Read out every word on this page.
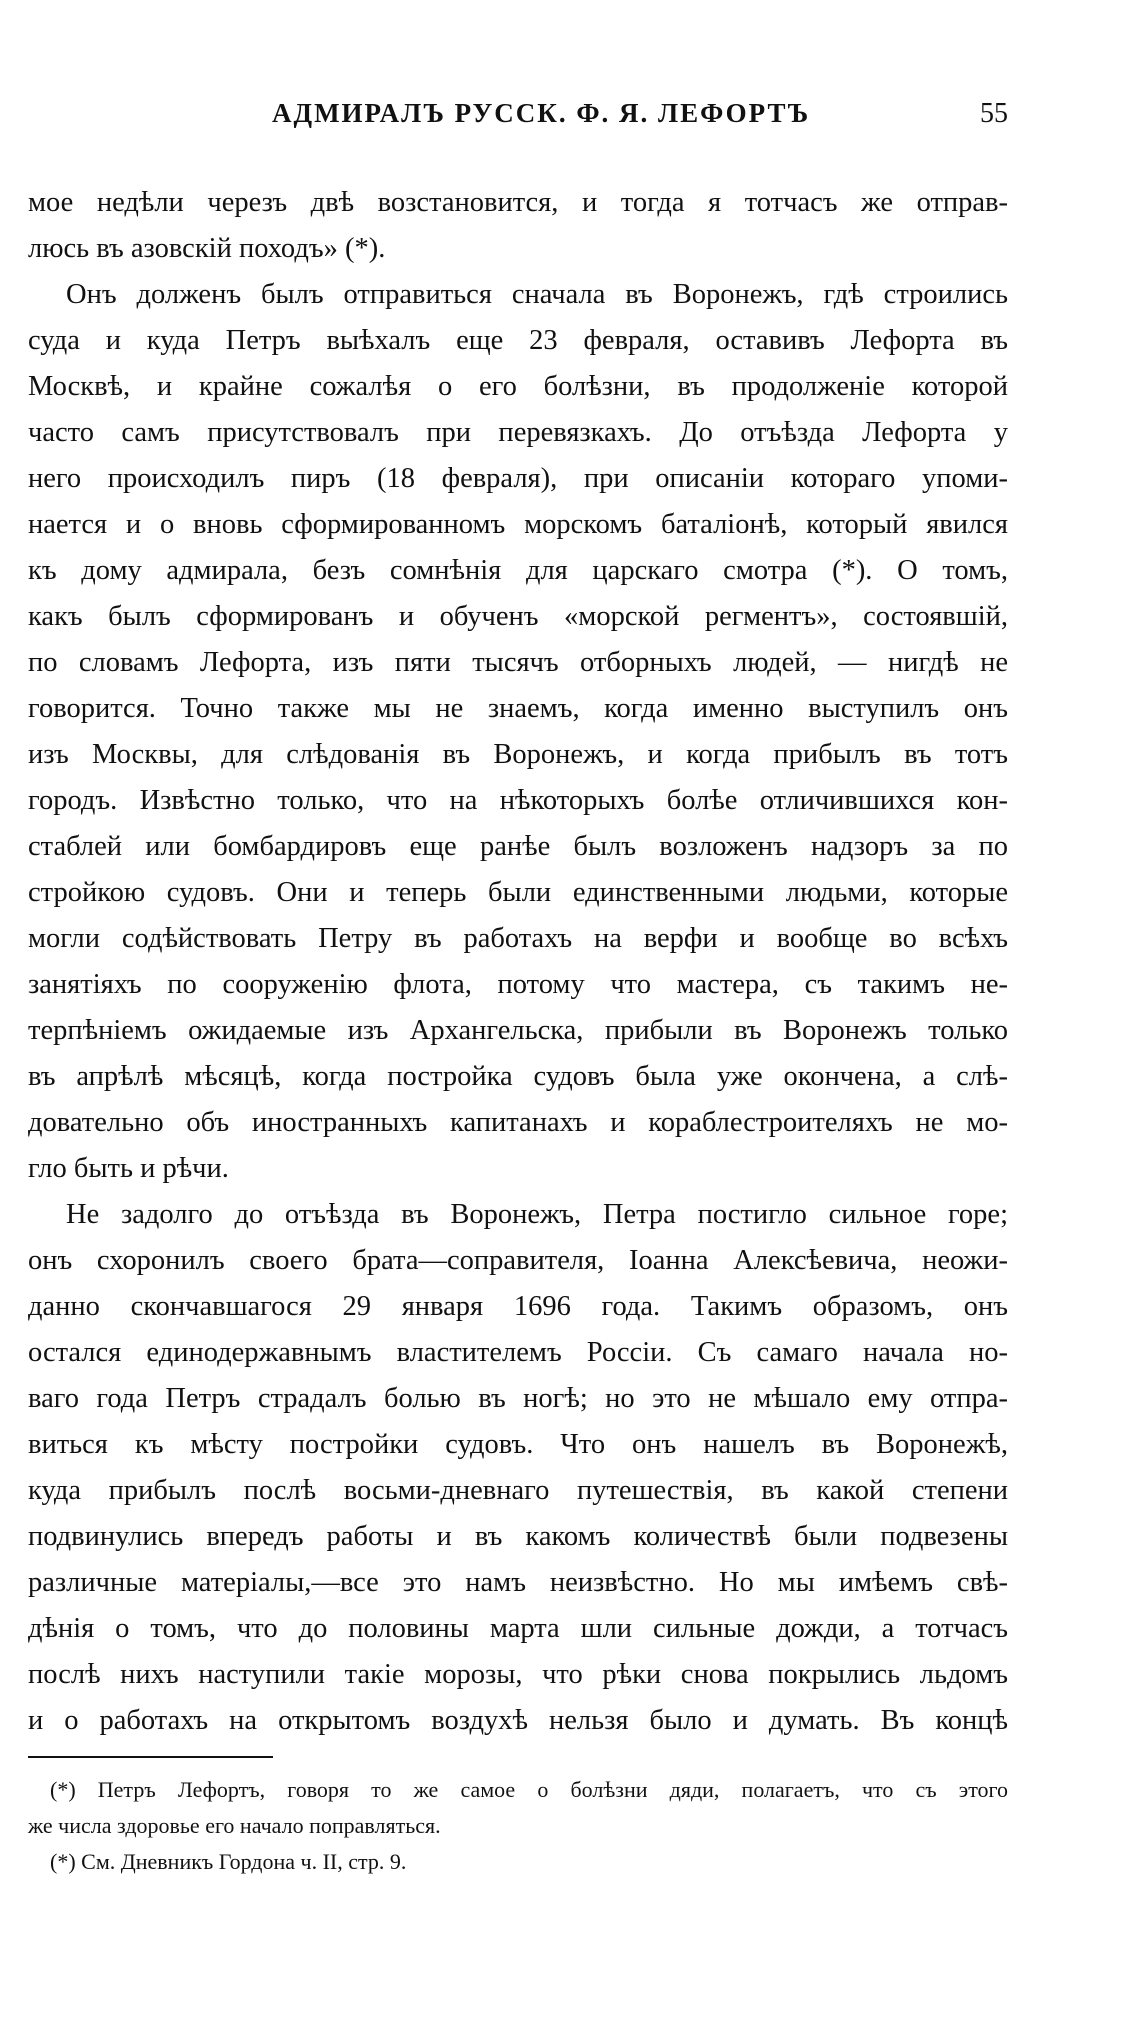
АДМИРАЛЪ РУССК. Ф. Я. ЛЕФОРТЪ	55
мое недѣли черезъ двѣ возстановится, и тогда я тотчасъ же отправ-
люсь въ азовскій походъ» (*).
Онъ долженъ былъ отправиться сначала въ Воронежъ, гдѣ строились
суда и куда Петръ выѣхалъ еще 23 февраля, оставивъ Лефорта въ
Москвѣ, и крайне сожалѣя о его болѣзни, въ продолженіе которой
часто самъ присутствовалъ при перевязкахъ. До отъѣзда Лефорта у
него происходилъ пиръ (18 февраля), при описаніи котораго упоми-
нается и о вновь сформированномъ морскомъ баталіонѣ, который явился
къ дому адмирала, безъ сомнѣнія для царскаго смотра (*). О томъ,
какъ былъ сформированъ и обученъ «морской регментъ», состоявшій,
по словамъ Лефорта, изъ пяти тысячъ отборныхъ людей, — нигдѣ не
говорится. Точно также мы не знаемъ, когда именно выступилъ онъ
изъ Москвы, для слѣдованія въ Воронежъ, и когда прибылъ въ тотъ
городъ. Извѣстно только, что на нѣкоторыхъ болѣе отличившихся кон-
стаблей или бомбардировъ еще ранѣе былъ возложенъ надзоръ за по
стройкою судовъ. Они и теперь были единственными людьми, которые
могли содѣйствовать Петру въ работахъ на верфи и вообще во всѣхъ
занятіяхъ по сооруженію флота, потому что мастера, съ такимъ не-
терпѣніемъ ожидаемые изъ Архангельска, прибыли въ Воронежъ только
въ апрѣлѣ мѣсяцѣ, когда постройка судовъ была уже окончена, а слѣ-
довательно объ иностранныхъ капитанахъ и кораблестроителяхъ не мо-
гло быть и рѣчи.
Не задолго до отъѣзда въ Воронежъ, Петра постигло сильное горе;
онъ схоронилъ своего брата—соправителя, Іоанна Алексѣевича, неожи-
данно скончавшагося 29 января 1696 года. Такимъ образомъ, онъ
остался единодержавнымъ властителемъ Россіи. Съ самаго начала но-
ваго года Петръ страдалъ болью въ ногѣ; но это не мѣшало ему отпра-
виться къ мѣсту постройки судовъ. Что онъ нашелъ въ Воронежѣ,
куда прибылъ послѣ восьми-дневнаго путешествія, въ какой степени
подвинулись впередъ работы и въ какомъ количествѣ были подвезены
различные матеріалы,—все это намъ неизвѣстно. Но мы имѣемъ свѣ-
дѣнія о томъ, что до половины марта шли сильные дожди, а тотчасъ
послѣ нихъ наступили такіе морозы, что рѣки снова покрылись льдомъ
и о работахъ на открытомъ воздухѣ нельзя было и думать. Въ концѣ
(*) Петръ Лефортъ, говоря то же самое о болѣзни дяди, полагаетъ, что съ этого
же числа здоровье его начало поправляться.
(*) См. Дневникъ Гордона ч. II, стр. 9.
